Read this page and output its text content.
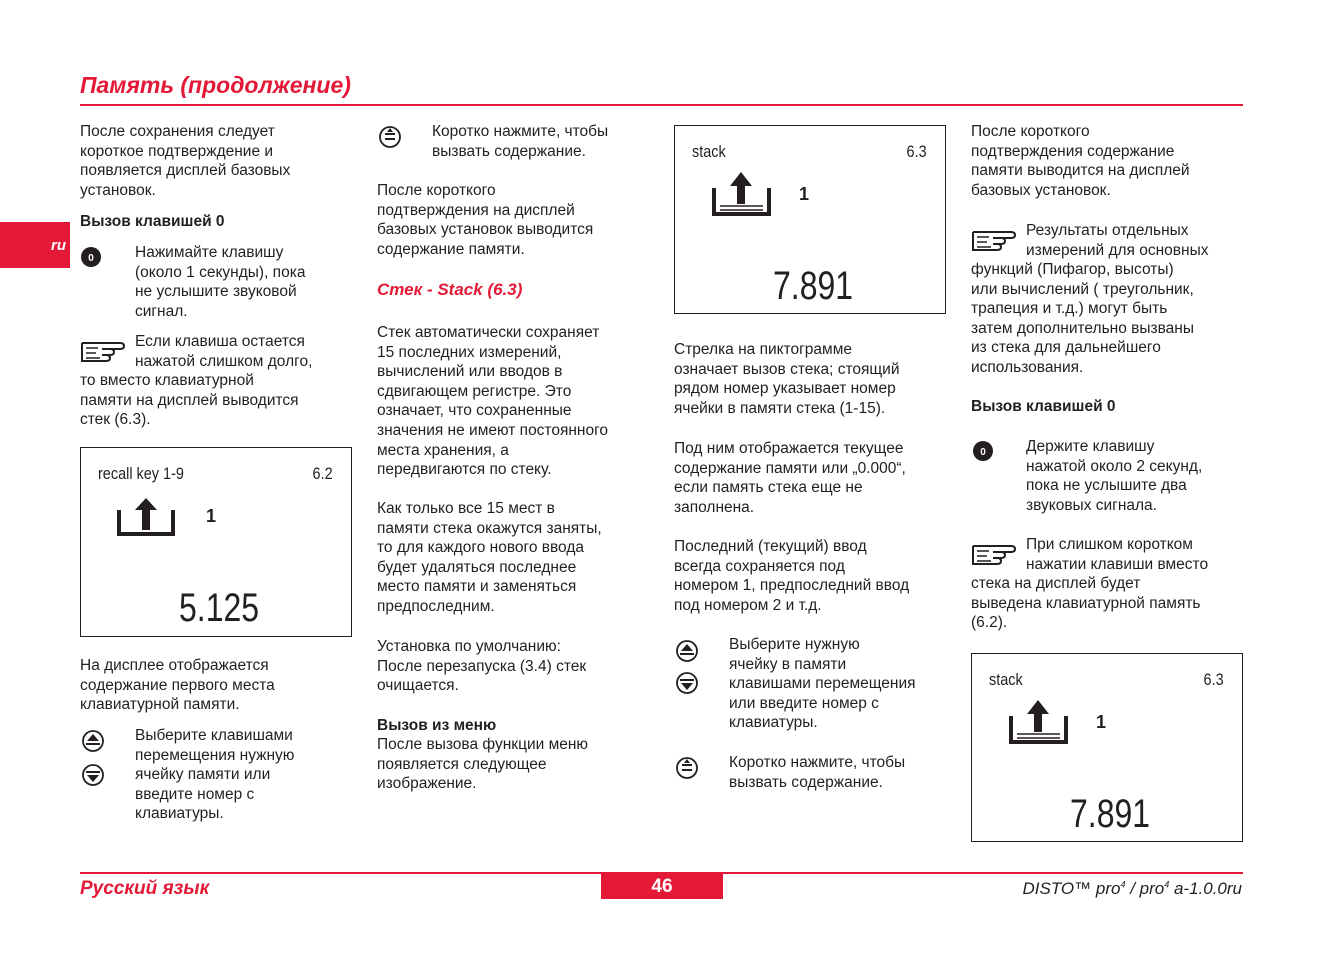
Память (продолжение)
ru

После сохранения следует

короткое подтверждение и

появляется дисплей базовых

установок.

Вызов клавишей 0
0	Нажимайте клавишу

(около 1 секунды), пока

не услышите звуковой

сигнал.

Если клавиша остается

нажатой слишком долго,

то вместо клавиатурной

памяти на дисплей выводится

стек (6.3).

recall key 1-9	6.2
1
5.125

На дисплее отображается

содержание первого места

клавиатурной памяти.

Выберите клавишами

перемещения нужную

ячейку памяти или

введите номер с

клавиатуры.

Коротко нажмите, чтобы

вызвать содержание.

После короткого

подтверждения на дисплей

базовых установок выводится

содержание памяти.

Стек - Stack (6.3)

Стек автоматически сохраняет

15 последних измерений,

вычислений или вводов в

сдвигающем регистре. Это

означает, что сохраненные

значения не имеют постоянного

места хранения, а

передвигаются по стеку.

Как только все 15 мест в

памяти стека окажутся заняты,

то для каждого нового ввода

будет удаляться последнее

место памяти и заменяться

предпоследним.

Установка по умолчанию:

После перезапуска (3.4) стек

очищается.

Вызов из меню

После вызова функции меню

появляется следующее

изображение.

stack	6.3
1
7.891

Стрелка на пиктограмме

означает вызов стека; стоящий

рядом номер указывает номер

ячейки в памяти стека (1-15).

Под ним отображается текущее

содержание памяти или „0.000“,

если память стека еще не

заполнена.

Последний (текущий) ввод

всегда сохраняется под

номером 1, предпоследний ввод

под номером 2 и т.д.

Выберите нужную

ячейку в памяти

клавишами перемещения

или введите номер с

клавиатуры.

Коротко нажмите, чтобы

вызвать содержание.

После короткого

подтверждения содержание

памяти выводится на дисплей

базовых установок.

Результаты отдельных

измерений для основных

функций (Пифагор, высоты)

или вычислений ( треугольник,

трапеция и т.д.) могут быть

затем дополнительно вызваны

из стека для дальнейшего

использования.

Вызов клавишей 0
0	Держите клавишу

нажатой около 2 секунд,

пока не услышите два

звуковых сигнала.

При слишком коротком

нажатии клавиши вместо

стека на дисплей будет

выведена клавиатурной память

(6.2).

stack	6.3
1
7.891
Русский язык	46	DISTO™ pro$^4$ / pro$^4$ a-1.0.0ru
